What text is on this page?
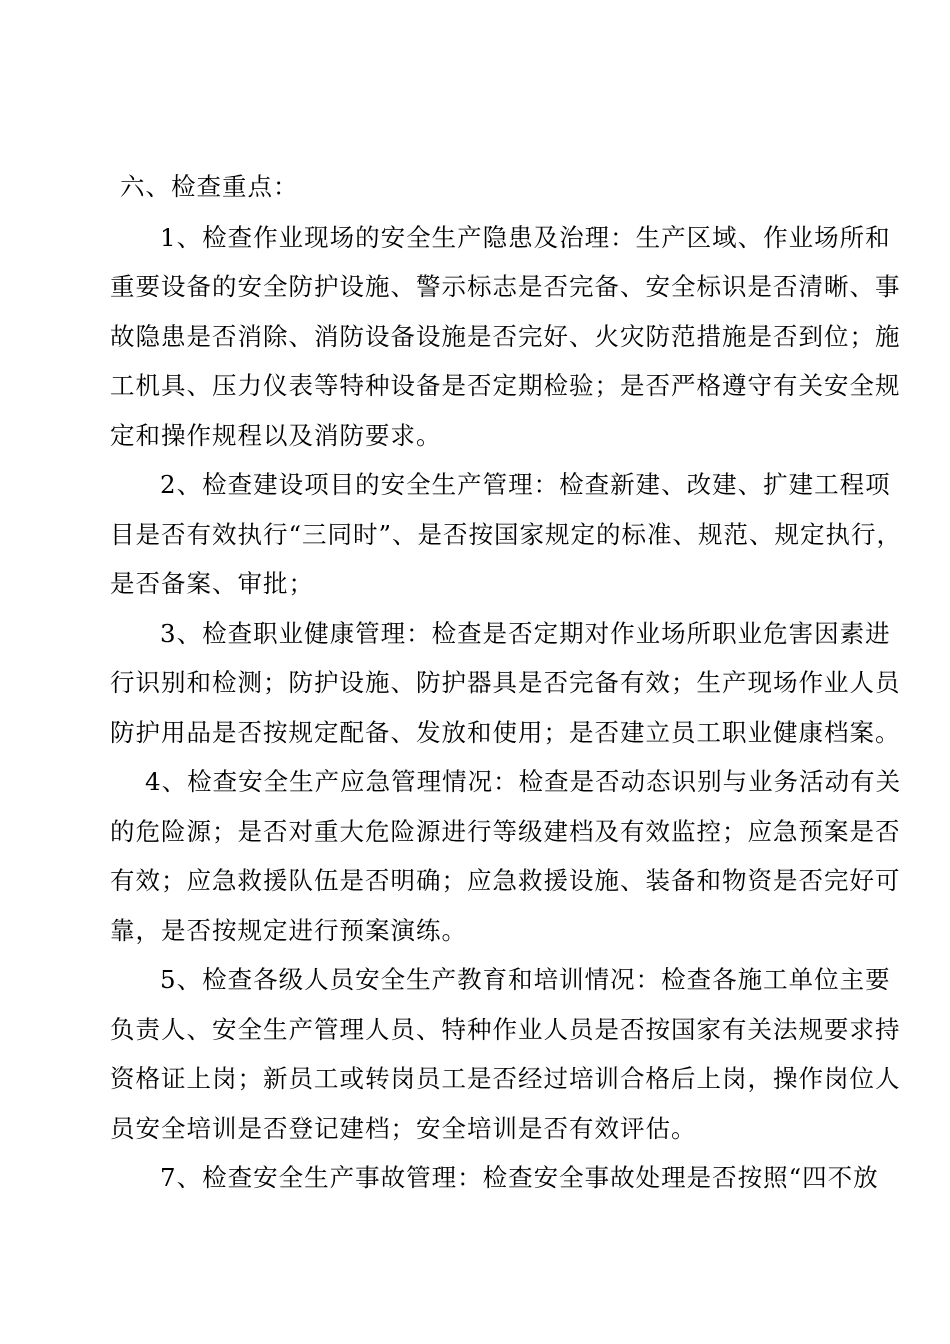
六、检查重点：
1、检查作业现场的安全生产隐患及治理：生产区域、作业场所和
重要设备的安全防护设施、警示标志是否完备、安全标识是否清晰、事
故隐患是否消除、消防设备设施是否完好、火灾防范措施是否到位；施
工机具、压力仪表等特种设备是否定期检验；是否严格遵守有关安全规
定和操作规程以及消防要求。
2、检查建设项目的安全生产管理：检查新建、改建、扩建工程项
目是否有效执行“三同时”、是否按国家规定的标准、规范、规定执行，
是否备案、审批；
3、检查职业健康管理：检查是否定期对作业场所职业危害因素进
行识别和检测；防护设施、防护器具是否完备有效；生产现场作业人员
防护用品是否按规定配备、发放和使用；是否建立员工职业健康档案。
4、检查安全生产应急管理情况：检查是否动态识别与业务活动有关
的危险源；是否对重大危险源进行等级建档及有效监控；应急预案是否
有效；应急救援队伍是否明确；应急救援设施、装备和物资是否完好可
靠，是否按规定进行预案演练。
5、检查各级人员安全生产教育和培训情况：检查各施工单位主要
负责人、安全生产管理人员、特种作业人员是否按国家有关法规要求持
资格证上岗；新员工或转岗员工是否经过培训合格后上岗，操作岗位人
员安全培训是否登记建档；安全培训是否有效评估。
7、检查安全生产事故管理：检查安全事故处理是否按照“四不放
